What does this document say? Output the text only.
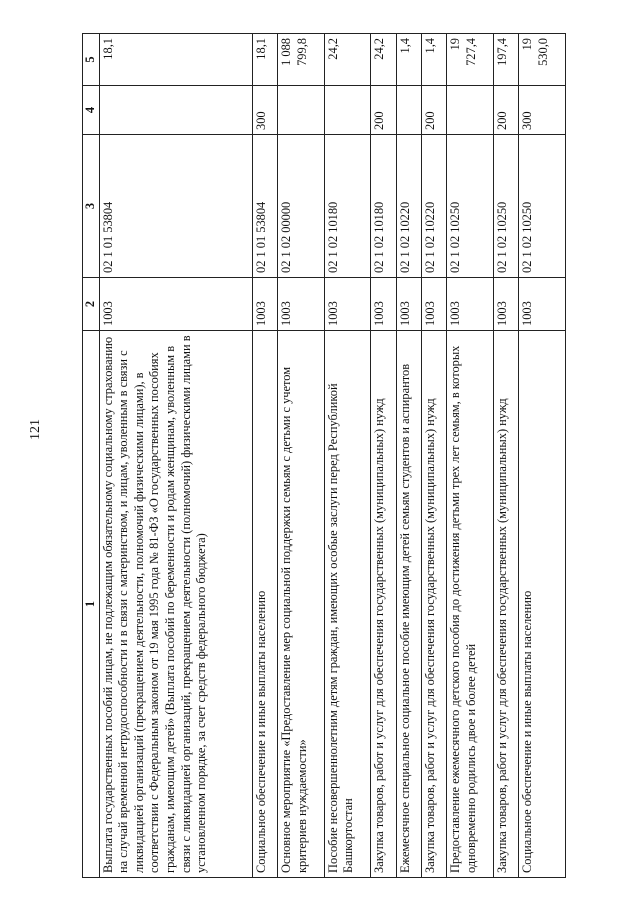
121
1	2	3	4	5
Выплата государственных пособий лицам, не подлежащим обязательному социальному страхованию на случай временной нетрудоспособности и в связи с материнством, и лицам, уволенным в связи с ликвидацией организаций (прекращением деятельности, полномочий физическими лицами), в соответствии с Федеральным законом от 19 мая 1995 года № 81-ФЗ «О государственных пособиях гражданам, имеющим детей» (Выплата пособий по беременности и родам женщинам, уволенным в связи с ликвидацией организаций, прекращением деятельности (полномочий) физическими лицами в установленном порядке, за счет средств федерального бюджета)	1003	02 1 01 53804		18,1
Социальное обеспечение и иные выплаты населению	1003	02 1 01 53804	300	18,1
Основное мероприятие «Предоставление мер социальной поддержки семьям с детьми с учетом критериев нуждаемости»	1003	02 1 02 00000		1 088 799,8
Пособие несовершеннолетним детям граждан, имеющих особые заслуги перед Республикой Башкортостан	1003	02 1 02 10180		24,2
Закупка товаров, работ и услуг для обеспечения государственных (муниципальных) нужд	1003	02 1 02 10180	200	24,2
Ежемесячное специальное социальное пособие имеющим детей семьям студентов и аспирантов	1003	02 1 02 10220		1,4
Закупка товаров, работ и услуг для обеспечения государственных (муниципальных) нужд	1003	02 1 02 10220	200	1,4
Предоставление ежемесячного детского пособия до достижения детьми трех лет семьям, в которых одновременно родились двое и более детей	1003	02 1 02 10250		19 727,4
Закупка товаров, работ и услуг для обеспечения государственных (муниципальных) нужд	1003	02 1 02 10250	200	197,4
Социальное обеспечение и иные выплаты населению	1003	02 1 02 10250	300	19 530,0
